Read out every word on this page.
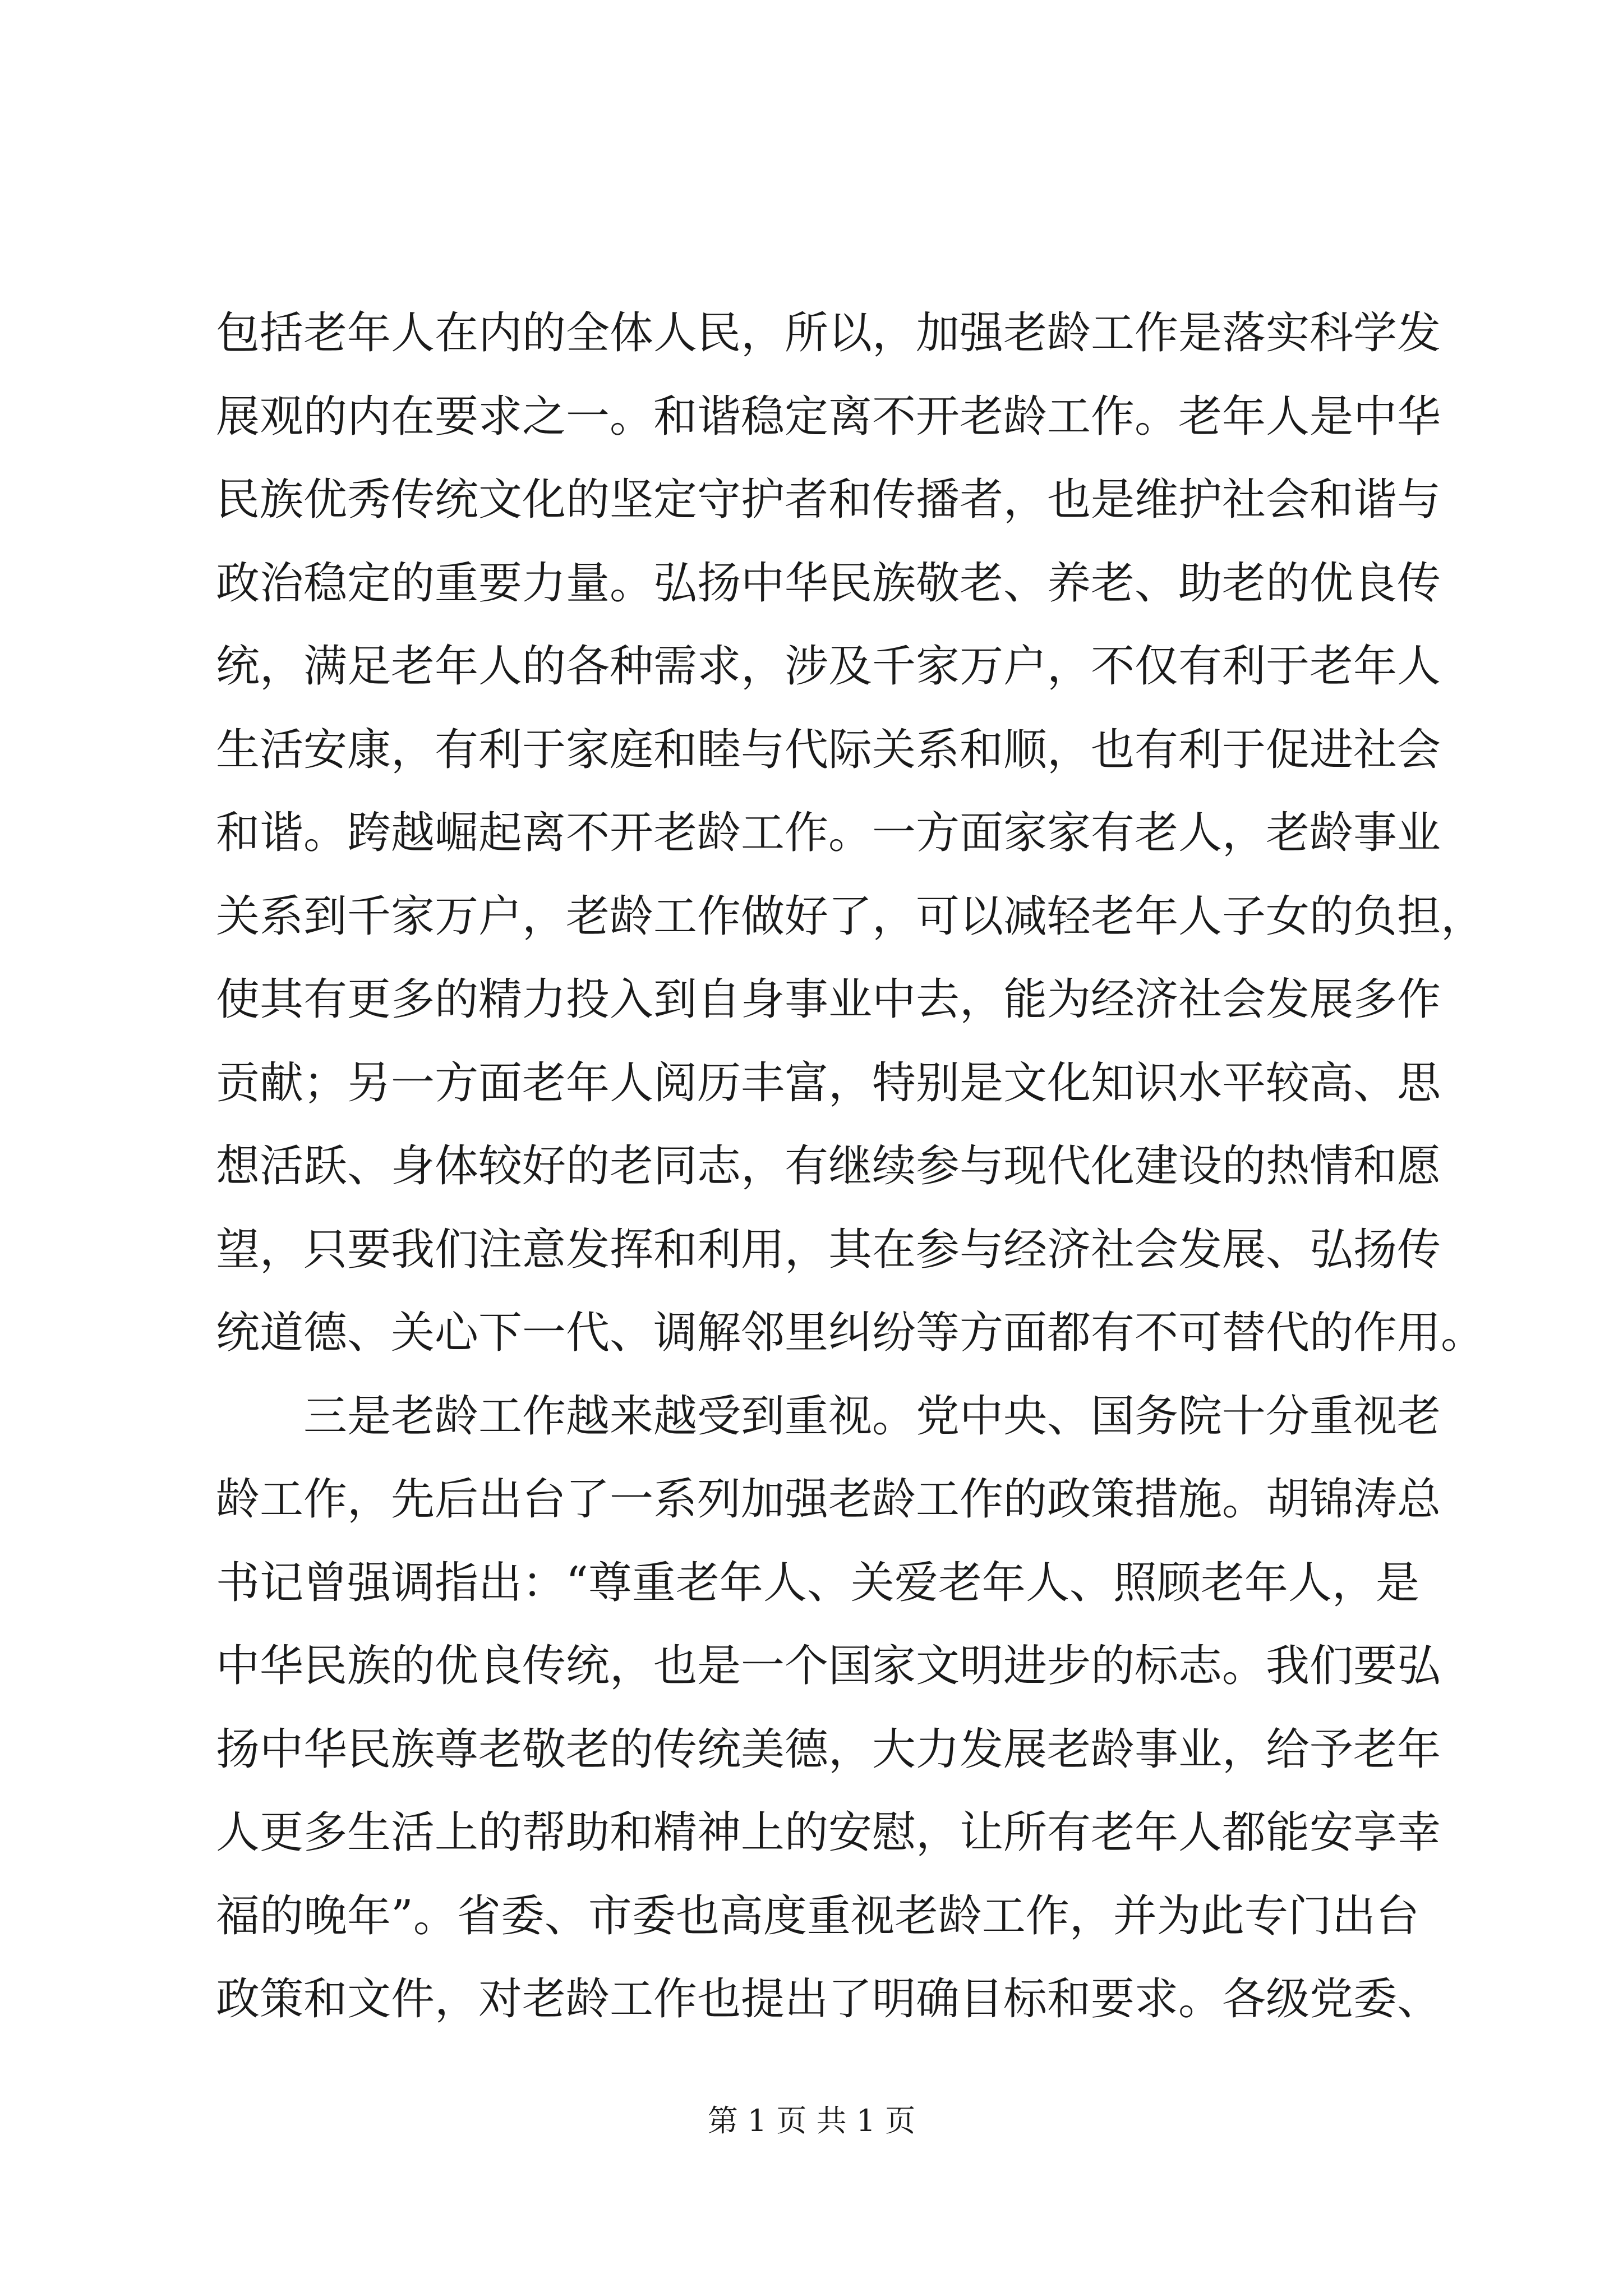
包括老年人在内的全体人民，所以，加强老龄工作是落实科学发
展观的内在要求之一。和谐稳定离不开老龄工作。老年人是中华
民族优秀传统文化的坚定守护者和传播者，也是维护社会和谐与
政治稳定的重要力量。弘扬中华民族敬老、养老、助老的优良传
统，满足老年人的各种需求，涉及千家万户，不仅有利于老年人
生活安康，有利于家庭和睦与代际关系和顺，也有利于促进社会
和谐。跨越崛起离不开老龄工作。一方面家家有老人，老龄事业
关系到千家万户，老龄工作做好了，可以减轻老年人子女的负担，
使其有更多的精力投入到自身事业中去，能为经济社会发展多作
贡献；另一方面老年人阅历丰富，特别是文化知识水平较高、思
想活跃、身体较好的老同志，有继续参与现代化建设的热情和愿
望，只要我们注意发挥和利用，其在参与经济社会发展、弘扬传
统道德、关心下一代、调解邻里纠纷等方面都有不可替代的作用。
三是老龄工作越来越受到重视。党中央、国务院十分重视老
龄工作，先后出台了一系列加强老龄工作的政策措施。胡锦涛总
书记曾强调指出：“尊重老年人、关爱老年人、照顾老年人，是
中华民族的优良传统，也是一个国家文明进步的标志。我们要弘
扬中华民族尊老敬老的传统美德，大力发展老龄事业，给予老年
人更多生活上的帮助和精神上的安慰，让所有老年人都能安享幸
福的晚年”。省委、市委也高度重视老龄工作，并为此专门出台
政策和文件，对老龄工作也提出了明确目标和要求。各级党委、
第 1 页 共 1 页
